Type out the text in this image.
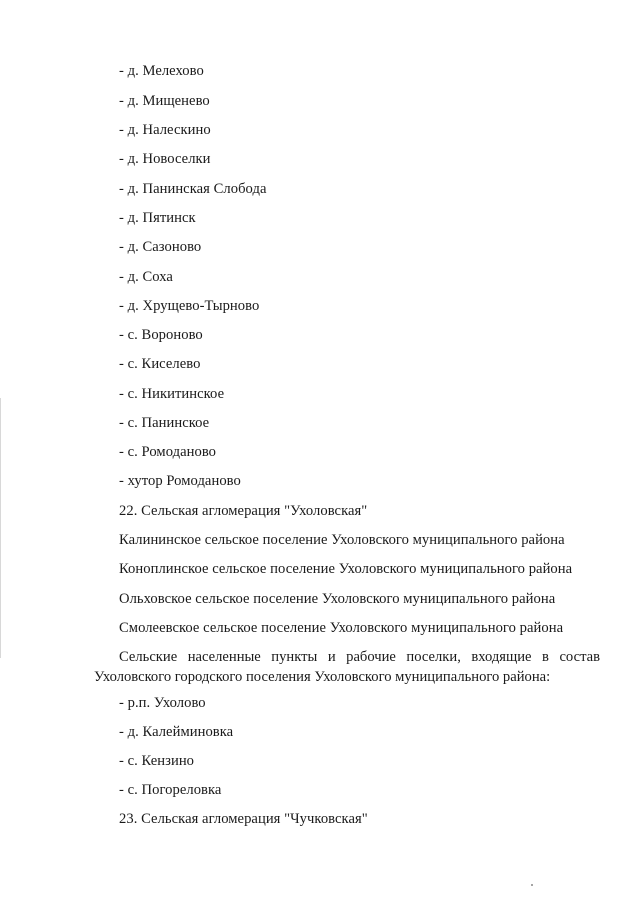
- д. Мелехово
- д. Мищенево
- д. Налескино
- д. Новоселки
- д. Панинская Слобода
- д. Пятинск
- д. Сазоново
- д. Соха
- д. Хрущево-Тырново
- с. Вороново
- с. Киселево
- с. Никитинское
- с. Панинское
- с. Ромоданово
- хутор Ромоданово
22. Сельская агломерация "Ухоловская"
Калининское сельское поселение Ухоловского муниципального района
Коноплинское сельское поселение Ухоловского муниципального района
Ольховское сельское поселение Ухоловского муниципального района
Смолеевское сельское поселение Ухоловского муниципального района
Сельские населенные пункты и рабочие поселки, входящие в состав Ухоловского городского поселения Ухоловского муниципального района:
- р.п. Ухолово
- д. Калейминовка
- с. Кензино
- с. Погореловка
23. Сельская агломерация "Чучковская"
